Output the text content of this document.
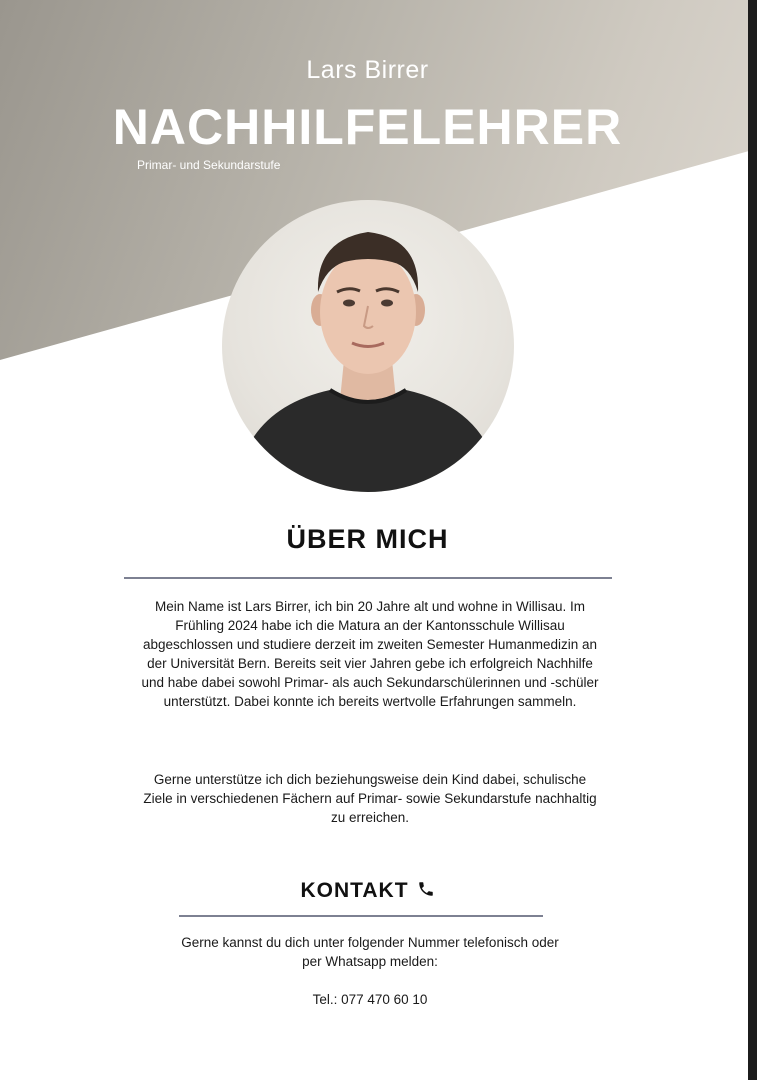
Lars Birrer
NACHHILFELEHRER
Primar- und Sekundarstufe
ÜBER MICH

Mein Name ist Lars Birrer, ich bin 20 Jahre alt und wohne in Willisau. Im Frühling 2024 habe ich die Matura an der Kantonsschule Willisau abgeschlossen und studiere derzeit im zweiten Semester Humanmedizin an der Universität Bern. Bereits seit vier Jahren gebe ich erfolgreich Nachhilfe und habe dabei sowohl Primar- als auch Sekundarschülerinnen und -schüler unterstützt. Dabei konnte ich bereits wertvolle Erfahrungen sammeln.

Gerne unterstütze ich dich beziehungsweise dein Kind dabei, schulische Ziele in verschiedenen Fächern auf Primar- sowie Sekundarstufe nachhaltig zu erreichen.

KONTAKT

Gerne kannst du dich unter folgender Nummer telefonisch oder per Whatsapp melden:

Tel.: 077 470 60 10
